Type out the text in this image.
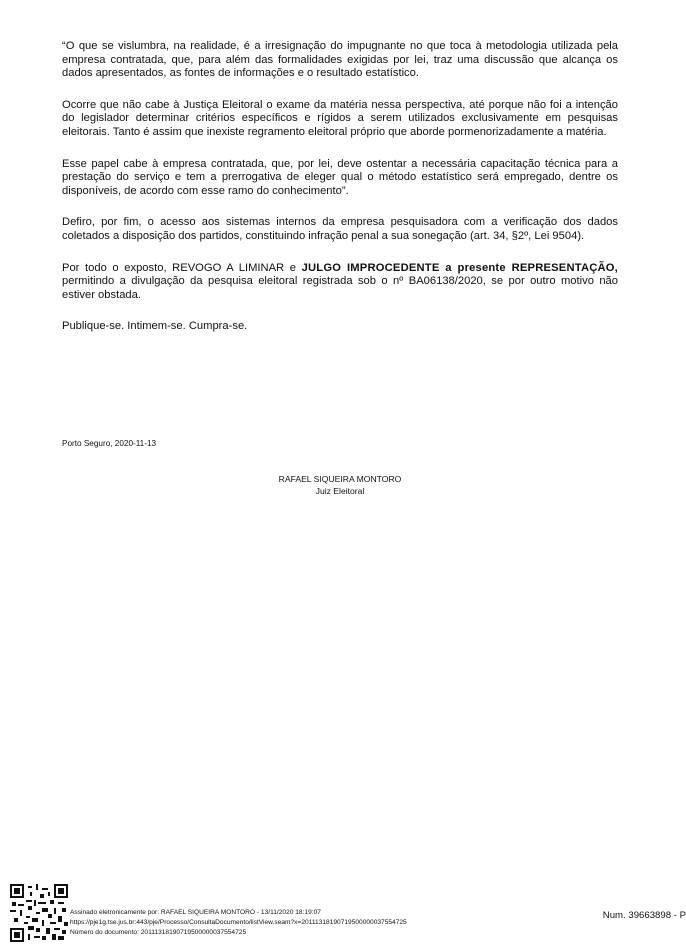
“O que se vislumbra, na realidade, é a irresignação do impugnante no que toca à metodologia utilizada pela empresa contratada, que, para além das formalidades exigidas por lei, traz uma discussão que alcança os dados apresentados, as fontes de informações e o resultado estatístico.

Ocorre que não cabe à Justiça Eleitoral o exame da matéria nessa perspectiva, até porque não foi a intenção do legislador determinar critérios específicos e rígidos a serem utilizados exclusivamente em pesquisas eleitorais. Tanto é assim que inexiste regramento eleitoral próprio que aborde pormenorizadamente a matéria.

Esse papel cabe à empresa contratada, que, por lei, deve ostentar a necessária capacitação técnica para a prestação do serviço e tem a prerrogativa de eleger qual o método estatístico será empregado, dentre os disponíveis, de acordo com esse ramo do conhecimento”.

Defiro, por fim, o acesso aos sistemas internos da empresa pesquisadora com a verificação dos dados coletados a disposição dos partidos, constituindo infração penal a sua sonegação (art. 34, §2º, Lei 9504).

Por todo o exposto, REVOGO A LIMINAR e JULGO IMPROCEDENTE a presente REPRESENTAÇÃO, permitindo a divulgação da pesquisa eleitoral registrada sob o nº BA06138/2020, se por outro motivo não estiver obstada.

Publique-se. Intimem-se. Cumpra-se.

Porto Seguro, 2020-11-13

RAFAEL SIQUEIRA MONTORO
Juiz Eleitoral
Assinado eletronicamente por: RAFAEL SIQUEIRA MONTORO - 13/11/2020 18:19:07
https://pje1g.tse.jus.br:443/pje/Processo/ConsultaDocumento/listView.seam?x=20111318190719500000037554725
Número do documento: 20111318190719500000037554725
Num. 39663898 - P
